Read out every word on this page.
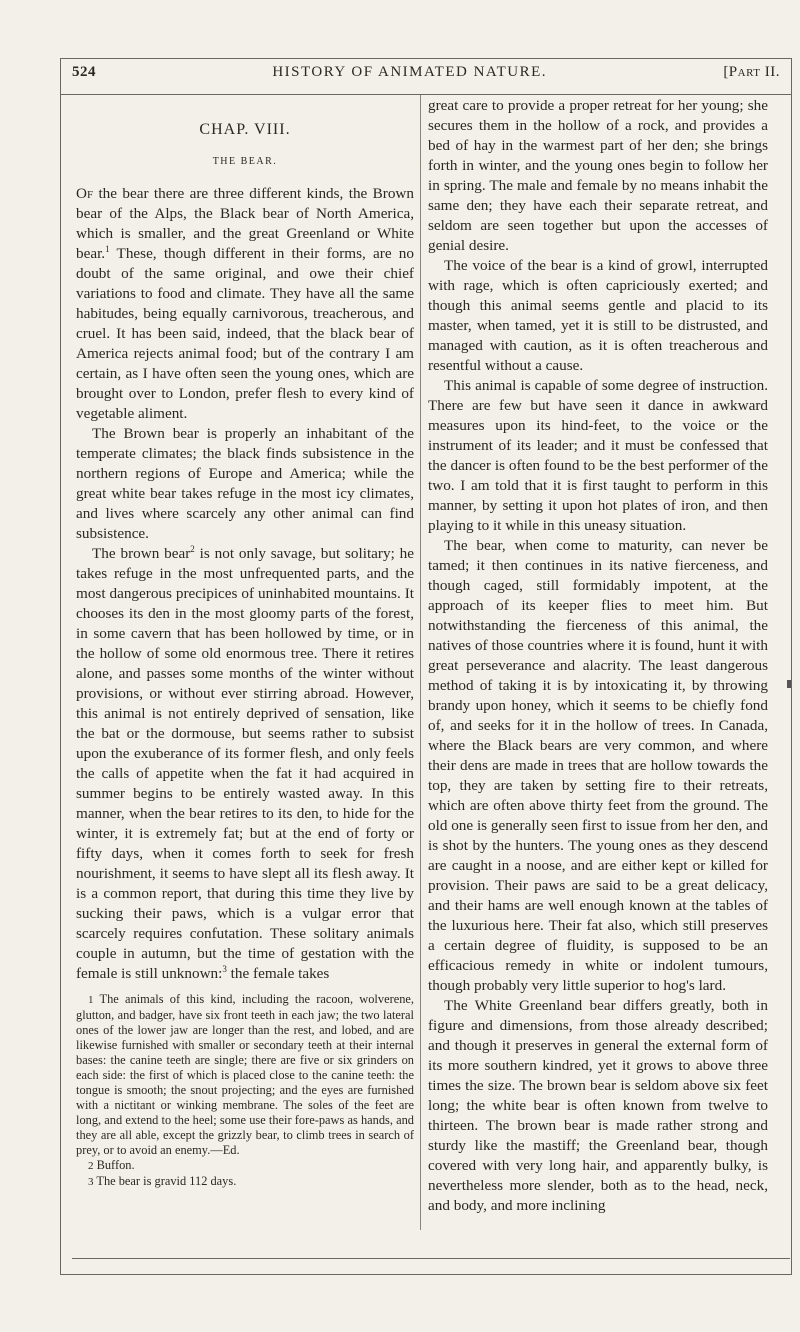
524	HISTORY OF ANIMATED NATURE.	[Part II.
CHAP. VIII.
THE BEAR.

Of the bear there are three different kinds, the Brown bear of the Alps, the Black bear of North America, which is smaller, and the great Greenland or White bear.$^1$ These, though different in their forms, are no doubt of the same original, and owe their chief variations to food and climate. They have all the same habitudes, being equally carnivorous, treacherous, and cruel. It has been said, indeed, that the black bear of America rejects animal food; but of the contrary I am certain, as I have often seen the young ones, which are brought over to London, prefer flesh to every kind of vegetable aliment.

The Brown bear is properly an inhabitant of the temperate climates; the black finds subsistence in the northern regions of Europe and America; while the great white bear takes refuge in the most icy climates, and lives where scarcely any other animal can find subsistence.

The brown bear$^2$ is not only savage, but solitary; he takes refuge in the most unfrequented parts, and the most dangerous precipices of uninhabited mountains. It chooses its den in the most gloomy parts of the forest, in some cavern that has been hollowed by time, or in the hollow of some old enormous tree. There it retires alone, and passes some months of the winter without provisions, or without ever stirring abroad. However, this animal is not entirely deprived of sensation, like the bat or the dormouse, but seems rather to subsist upon the exuberance of its former flesh, and only feels the calls of appetite when the fat it had acquired in summer begins to be entirely wasted away. In this manner, when the bear retires to its den, to hide for the winter, it is extremely fat; but at the end of forty or fifty days, when it comes forth to seek for fresh nourishment, it seems to have slept all its flesh away. It is a common report, that during this time they live by sucking their paws, which is a vulgar error that scarcely requires confutation. These solitary animals couple in autumn, but the time of gestation with the female is still unknown:$^3$ the female takes

1 The animals of this kind, including the racoon, wolverene, glutton, and badger, have six front teeth in each jaw; the two lateral ones of the lower jaw are longer than the rest, and lobed, and are likewise furnished with smaller or secondary teeth at their internal bases: the canine teeth are single; there are five or six grinders on each side: the first of which is placed close to the canine teeth: the tongue is smooth; the snout projecting; and the eyes are furnished with a nictitant or winking membrane. The soles of the feet are long, and extend to the heel; some use their fore-paws as hands, and they are all able, except the grizzly bear, to climb trees in search of prey, or to avoid an enemy.—Ed.

2 Buffon.

3 The bear is gravid 112 days.

great care to provide a proper retreat for her young; she secures them in the hollow of a rock, and provides a bed of hay in the warmest part of her den; she brings forth in winter, and the young ones begin to follow her in spring. The male and female by no means inhabit the same den; they have each their separate retreat, and seldom are seen together but upon the accesses of genial desire.

The voice of the bear is a kind of growl, interrupted with rage, which is often capriciously exerted; and though this animal seems gentle and placid to its master, when tamed, yet it is still to be distrusted, and managed with caution, as it is often treacherous and resentful without a cause.

This animal is capable of some degree of instruction. There are few but have seen it dance in awkward measures upon its hind-feet, to the voice or the instrument of its leader; and it must be confessed that the dancer is often found to be the best performer of the two. I am told that it is first taught to perform in this manner, by setting it upon hot plates of iron, and then playing to it while in this uneasy situation.

The bear, when come to maturity, can never be tamed; it then continues in its native fierceness, and though caged, still formidably impotent, at the approach of its keeper flies to meet him. But notwithstanding the fierceness of this animal, the natives of those countries where it is found, hunt it with great perseverance and alacrity. The least dangerous method of taking it is by intoxicating it, by throwing brandy upon honey, which it seems to be chiefly fond of, and seeks for it in the hollow of trees. In Canada, where the Black bears are very common, and where their dens are made in trees that are hollow towards the top, they are taken by setting fire to their retreats, which are often above thirty feet from the ground. The old one is generally seen first to issue from her den, and is shot by the hunters. The young ones as they descend are caught in a noose, and are either kept or killed for provision. Their paws are said to be a great delicacy, and their hams are well enough known at the tables of the luxurious here. Their fat also, which still preserves a certain degree of fluidity, is supposed to be an efficacious remedy in white or indolent tumours, though probably very little superior to hog's lard.

The White Greenland bear differs greatly, both in figure and dimensions, from those already described; and though it preserves in general the external form of its more southern kindred, yet it grows to above three times the size. The brown bear is seldom above six feet long; the white bear is often known from twelve to thirteen. The brown bear is made rather strong and sturdy like the mastiff; the Greenland bear, though covered with very long hair, and apparently bulky, is nevertheless more slender, both as to the head, neck, and body, and more inclining
